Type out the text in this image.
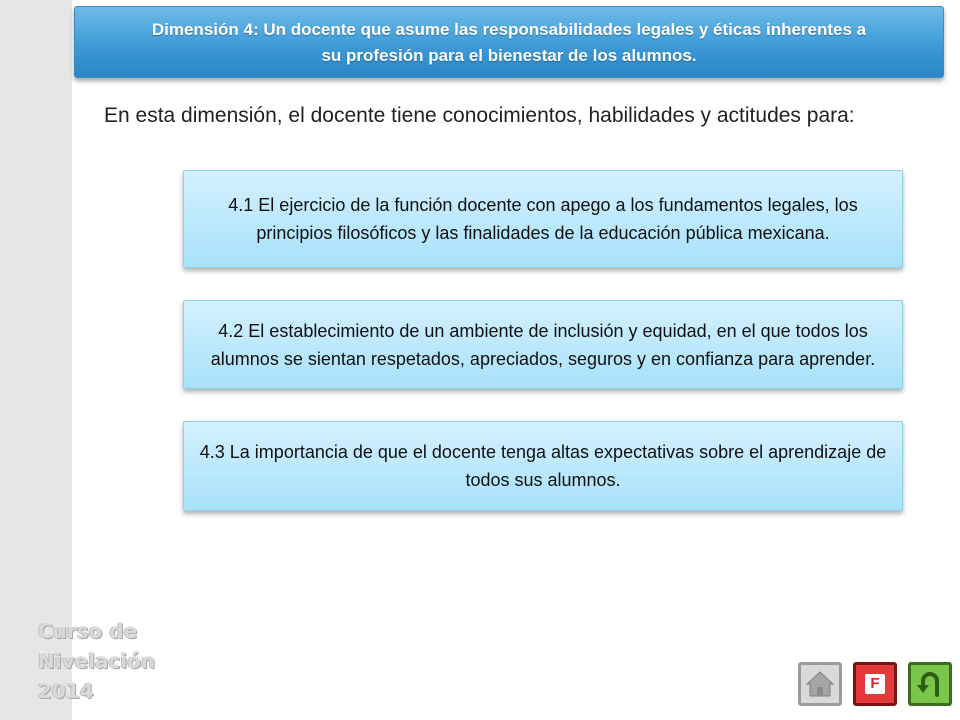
Curso de
Nivelación
2014
Dimensión 4: Un docente que asume las responsabilidades legales y éticas inherentes a
su profesión para el bienestar de los alumnos.
En esta dimensión, el docente tiene conocimientos, habilidades y actitudes para:
4.1 El ejercicio de la función docente con apego a los fundamentos legales, los principios filosóficos y las finalidades de la educación pública mexicana.
4.2 El establecimiento de un ambiente de inclusión y equidad, en el que todos los alumnos se sientan respetados, apreciados, seguros y en confianza para aprender.
4.3 La importancia de que el docente tenga altas expectativas sobre el aprendizaje de todos sus alumnos.
F
